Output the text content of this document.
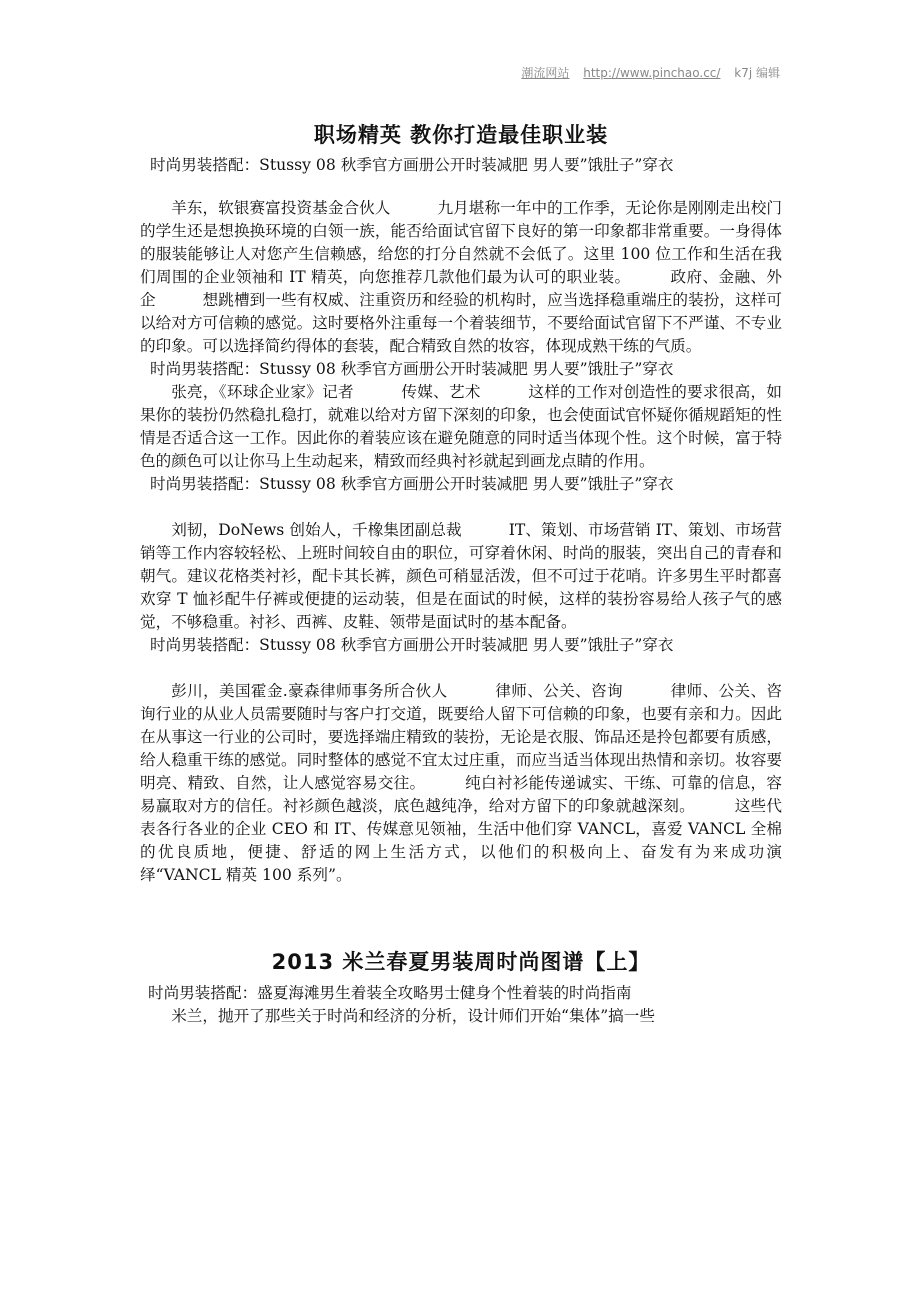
潮流网站 http://www.pinchao.cc/ k7j 编辑
职场精英 教你打造最佳职业装

时尚男装搭配：Stussy 08 秋季官方画册公开时装减肥 男人要”饿肚子”穿衣

羊东，软银赛富投资基金合伙人　　　九月堪称一年中的工作季，无论你是刚刚走出校门的学生还是想换换环境的白领一族，能否给面试官留下良好的第一印象都非常重要。一身得体的服装能够让人对您产生信赖感，给您的打分自然就不会低了。这里 100 位工作和生活在我们周围的企业领袖和 IT 精英，向您推荐几款他们最为认可的职业装。　　　政府、金融、外企　　　想跳槽到一些有权威、注重资历和经验的机构时，应当选择稳重端庄的装扮，这样可以给对方可信赖的感觉。这时要格外注重每一个着装细节，不要给面试官留下不严谨、不专业的印象。可以选择简约得体的套装，配合精致自然的妆容，体现成熟干练的气质。

时尚男装搭配：Stussy 08 秋季官方画册公开时装减肥 男人要”饿肚子”穿衣

张亮，《环球企业家》记者　　　传媒、艺术　　　这样的工作对创造性的要求很高，如果你的装扮仍然稳扎稳打，就难以给对方留下深刻的印象，也会使面试官怀疑你循规蹈矩的性情是否适合这一工作。因此你的着装应该在避免随意的同时适当体现个性。这个时候，富于特色的颜色可以让你马上生动起来，精致而经典衬衫就起到画龙点睛的作用。

时尚男装搭配：Stussy 08 秋季官方画册公开时装减肥 男人要”饿肚子”穿衣

刘韧，DoNews 创始人，千橡集团副总裁　　　IT、策划、市场营销 IT、策划、市场营销等工作内容较轻松、上班时间较自由的职位，可穿着休闲、时尚的服装，突出自己的青春和朝气。建议花格类衬衫，配卡其长裤，颜色可稍显活泼，但不可过于花哨。许多男生平时都喜欢穿 T 恤衫配牛仔裤或便捷的运动装，但是在面试的时候，这样的装扮容易给人孩子气的感觉，不够稳重。衬衫、西裤、皮鞋、领带是面试时的基本配备。

时尚男装搭配：Stussy 08 秋季官方画册公开时装减肥 男人要”饿肚子”穿衣

彭川，美国霍金.豪森律师事务所合伙人　　　律师、公关、咨询　　　律师、公关、咨询行业的从业人员需要随时与客户打交道，既要给人留下可信赖的印象，也要有亲和力。因此在从事这一行业的公司时，要选择端庄精致的装扮，无论是衣服、饰品还是拎包都要有质感，给人稳重干练的感觉。同时整体的感觉不宜太过庄重，而应当适当体现出热情和亲切。妆容要明亮、精致、自然，让人感觉容易交往。　　　纯白衬衫能传递诚实、干练、可靠的信息，容易赢取对方的信任。衬衫颜色越淡，底色越纯净，给对方留下的印象就越深刻。　　　这些代表各行各业的企业 CEO 和 IT、传媒意见领袖，生活中他们穿 VANCL，喜爱 VANCL 全棉的优良质地，便捷、舒适的网上生活方式，以他们的积极向上、奋发有为来成功演绎“VANCL 精英 100 系列”。

2013 米兰春夏男装周时尚图谱【上】

时尚男装搭配：盛夏海滩男生着装全攻略男士健身个性着装的时尚指南

米兰，抛开了那些关于时尚和经济的分析，设计师们开始“集体”搞一些
